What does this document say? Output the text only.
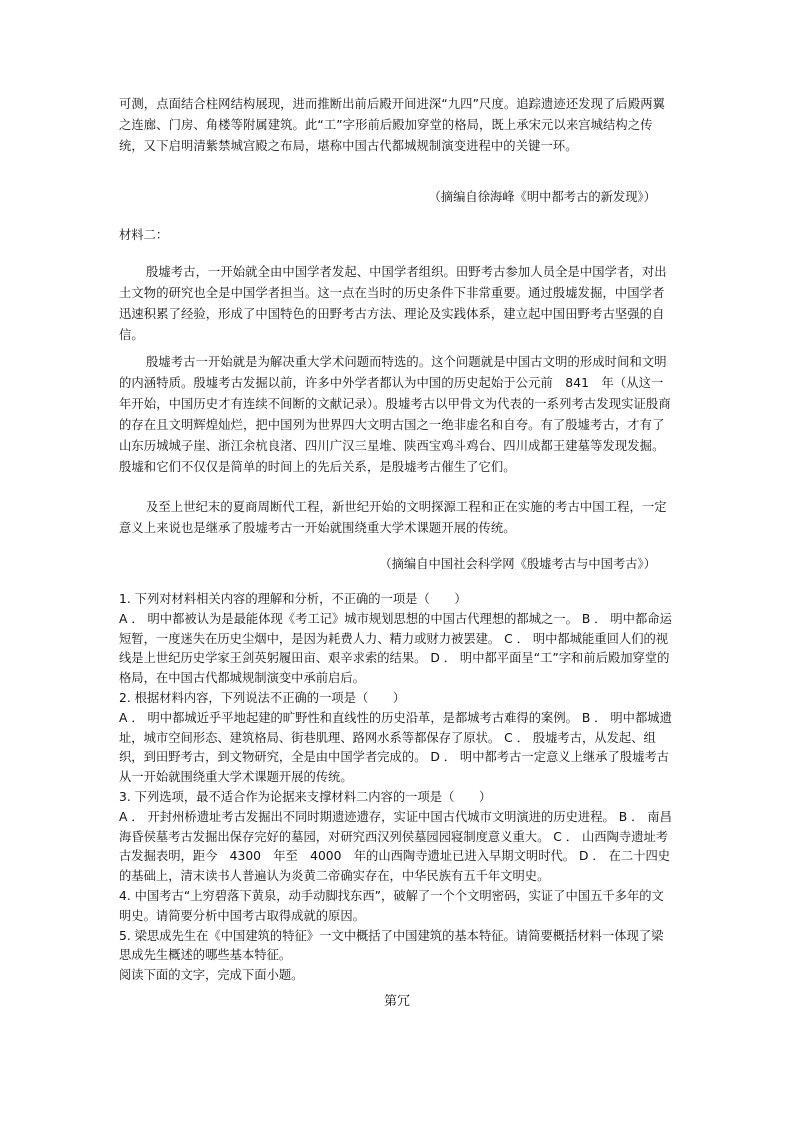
可测，点面结合柱网结构展现，进而推断出前后殿开间进深“九四”尺度。追踪遗迹还发现了后殿两翼之连廊、门房、角楼等附属建筑。此“工”字形前后殿加穿堂的格局，既上承宋元以来宫城结构之传统，又下启明清紫禁城宫殿之布局，堪称中国古代都城规制演变进程中的关键一环。

（摘编自徐海峰《明中都考古的新发现》）

材料二：

殷墟考古，一开始就全由中国学者发起、中国学者组织。田野考古参加人员全是中国学者，对出土文物的研究也全是中国学者担当。这一点在当时的历史条件下非常重要。通过殷墟发掘，中国学者迅速积累了经验，形成了中国特色的田野考古方法、理论及实践体系，建立起中国田野考古坚强的自信。

殷墟考古一开始就是为解决重大学术问题而特选的。这个问题就是中国古文明的形成时间和文明的内涵特质。殷墟考古发掘以前，许多中外学者都认为中国的历史起始于公元前　841　年（从这一年开始，中国历史才有连续不间断的文献记录）。殷墟考古以甲骨文为代表的一系列考古发现实证殷商的存在且文明辉煌灿烂，把中国列为世界四大文明古国之一绝非虚名和自夸。有了殷墟考古，才有了山东历城城子崖、浙江余杭良渚、四川广汉三星堆、陕西宝鸡斗鸡台、四川成都王建墓等发现发掘。殷墟和它们不仅仅是简单的时间上的先后关系，是殷墟考古催生了它们。

及至上世纪末的夏商周断代工程，新世纪开始的文明探源工程和正在实施的考古中国工程，一定意义上来说也是继承了殷墟考古一开始就围绕重大学术课题开展的传统。

（摘编自中国社会科学网《殷墟考古与中国考古》）

1. 下列对材料相关内容的理解和分析，不正确的一项是（　　）

A ． 明中都被认为是最能体现《考工记》城市规划思想的中国古代理想的都城之一。 B ． 明中都命运短暂，一度迷失在历史尘烟中，是因为耗费人力、精力或财力被罢建。 C ． 明中都城能重回人们的视线是上世纪历史学家王剑英躬履田亩、艰辛求索的结果。 D ． 明中都平面呈“工”字和前后殿加穿堂的格局，在中国古代都城规制演变中承前启后。

2. 根据材料内容，下列说法不正确的一项是（　　）

A ． 明中都城近乎平地起建的旷野性和直线性的历史沿革，是都城考古难得的案例。 B ． 明中都城遗址，城市空间形态、建筑格局、街巷肌理、路网水系等都保存了原状。 C ． 殷墟考古，从发起、组织，到田野考古，到文物研究，全是由中国学者完成的。 D ． 明中都考古一定意义上继承了殷墟考古从一开始就围绕重大学术课题开展的传统。

3. 下列选项，最不适合作为论据来支撑材料二内容的一项是（　　）

A ． 开封州桥遗址考古发掘出不同时期遗迹遗存，实证中国古代城市文明演进的历史进程。 B ． 南昌海昏侯墓考古发掘出保存完好的墓园，对研究西汉列侯墓园园寝制度意义重大。 C ． 山西陶寺遗址考古发掘表明，距今　4300　年至　4000　年的山西陶寺遗址已进入早期文明时代。 D ． 在二十四史的基础上，清末读书人普遍认为炎黄二帝确实存在，中华民族有五千年文明史。

4. 中国考古“上穷碧落下黄泉，动手动脚找东西”，破解了一个个文明密码，实证了中国五千多年的文明史。请简要分析中国考古取得成就的原因。

5. 梁思成先生在《中国建筑的特征》一文中概括了中国建筑的基本特征。请简要概括材料一体现了梁思成先生概述的哪些基本特征。

阅读下面的文字，完成下面小题。

第冗
